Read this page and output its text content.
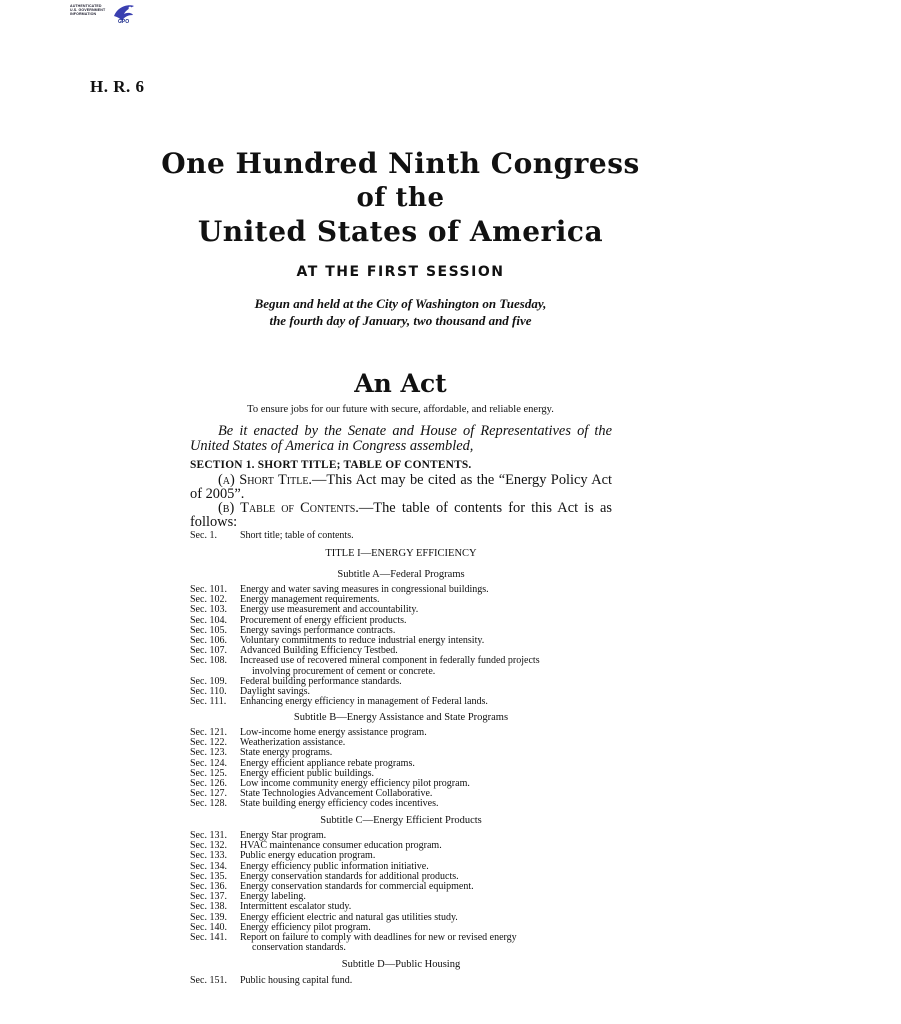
AUTHENTICATED
U.S. GOVERNMENT
INFORMATION
GPO
H. R. 6
One Hundred Ninth Congress
of the
United States of America
AT THE FIRST SESSION
Begun and held at the City of Washington on Tuesday,
the fourth day of January, two thousand and five
An Act
To ensure jobs for our future with secure, affordable, and reliable energy.
Be it enacted by the Senate and House of Representatives of the United States of America in Congress assembled,
SECTION 1. SHORT TITLE; TABLE OF CONTENTS.
(a) Short Title.—This Act may be cited as the “Energy Policy Act of 2005”.
(b) Table of Contents.—The table of contents for this Act is as follows:
Sec. 1. Short title; table of contents.
TITLE I—ENERGY EFFICIENCY
Subtitle A—Federal Programs
Sec. 101. Energy and water saving measures in congressional buildings.
Sec. 102. Energy management requirements.
Sec. 103. Energy use measurement and accountability.
Sec. 104. Procurement of energy efficient products.
Sec. 105. Energy savings performance contracts.
Sec. 106. Voluntary commitments to reduce industrial energy intensity.
Sec. 107. Advanced Building Efficiency Testbed.
Sec. 108. Increased use of recovered mineral component in federally funded projects
involving procurement of cement or concrete.
Sec. 109. Federal building performance standards.
Sec. 110. Daylight savings.
Sec. 111. Enhancing energy efficiency in management of Federal lands.
Subtitle B—Energy Assistance and State Programs
Sec. 121. Low-income home energy assistance program.
Sec. 122. Weatherization assistance.
Sec. 123. State energy programs.
Sec. 124. Energy efficient appliance rebate programs.
Sec. 125. Energy efficient public buildings.
Sec. 126. Low income community energy efficiency pilot program.
Sec. 127. State Technologies Advancement Collaborative.
Sec. 128. State building energy efficiency codes incentives.
Subtitle C—Energy Efficient Products
Sec. 131. Energy Star program.
Sec. 132. HVAC maintenance consumer education program.
Sec. 133. Public energy education program.
Sec. 134. Energy efficiency public information initiative.
Sec. 135. Energy conservation standards for additional products.
Sec. 136. Energy conservation standards for commercial equipment.
Sec. 137. Energy labeling.
Sec. 138. Intermittent escalator study.
Sec. 139. Energy efficient electric and natural gas utilities study.
Sec. 140. Energy efficiency pilot program.
Sec. 141. Report on failure to comply with deadlines for new or revised energy
conservation standards.
Subtitle D—Public Housing
Sec. 151. Public housing capital fund.
